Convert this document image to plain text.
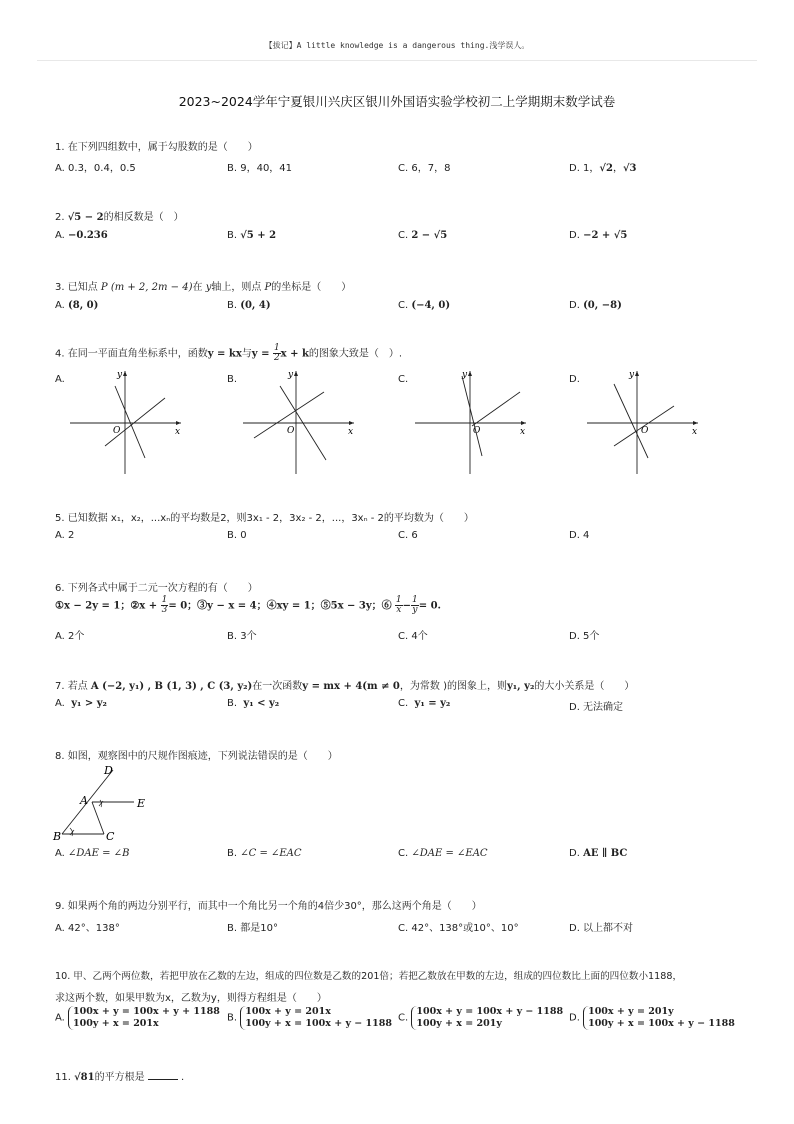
【拔记】A little knowledge is a dangerous thing.浅学误人。
2023~2024学年宁夏银川兴庆区银川外国语实验学校初二上学期期末数学试卷
1. 在下列四组数中，属于勾股数的是（　　）
A. 0.3，0.4，0.5	B. 9，40，41	C. 6，7，8	D. 1，√2，√3
2. √5 − 2的相反数是（　）
A. −0.236	B. √5 + 2	C. 2 − √5	D. −2 + √5
3. 已知点 P (m + 2, 2m − 4)在 y轴上，则点 P的坐标是（　　）
A. (8, 0)	B. (0, 4)	C. (−4, 0)	D. (0, −8)
4. 在同一平面直角坐标系中，函数y = kx与$y = \frac{1}{2}$ x + k的图象大致是（　）.
A.	B.	C.	D.
x
y
O	x
y
O	x
y
O	x
y
O
5. 已知数据 x₁，x₂，...xₙ的平均数是2，则3x₁ - 2，3x₂ - 2，...，3xₙ - 2的平均数为（　　）
A. 2	B. 0	C. 6	D. 4
6. 下列各式中属于二元一次方程的有（　　）
①x − 2y = 1；②x + $\frac{1}{3} = 0$；③y − x = 4；④xy = 1；⑤5x − 3y；⑥ $\frac{1}{x} - \frac{1}{y} = 0$.
A. 2个	B. 3个	C. 4个	D. 5个
7. 若点 A (−2, y₁) , B (1, 3) , C (3, y₂)在一次函数y = mx + 4(m ≠ 0，为常数 )的图象上，则y₁, y₂的大小关系是（　　）
A. y₁ > y₂	B. y₁ < y₂	C. y₁ = y₂	D. 无法确定
8. 如图，观察图中的尺规作图痕迹，下列说法错误的是（　　）
D
A	E
B	C
A. ∠DAE = ∠B	B. ∠C = ∠EAC	C. ∠DAE = ∠EAC	D. AE ∥ BC
9. 如果两个角的两边分别平行，而其中一个角比另一个角的4倍少30°，那么这两个角是（　　）
A. 42°、138°	B. 都是10°	C. 42°、138°或10°、10°	D. 以上都不对
10. 甲、乙两个两位数，若把甲放在乙数的左边，组成的四位数是乙数的201倍；若把乙数放在甲数的左边，组成的四位数比上面的四位数小1188，
求这两个数，如果甲数为x，乙数为y，则得方程组是（　　）
A.
100x + y = 100x + y + 1188
100y + x = 201x	B.
100x + y = 201x
100y + x = 100x + y − 1188 C.
100x + y = 100x + y − 1188
100y + x = 201y	D.
100x + y = 201y
100y + x = 100x + y − 1188
11. √81的平方根是	.
